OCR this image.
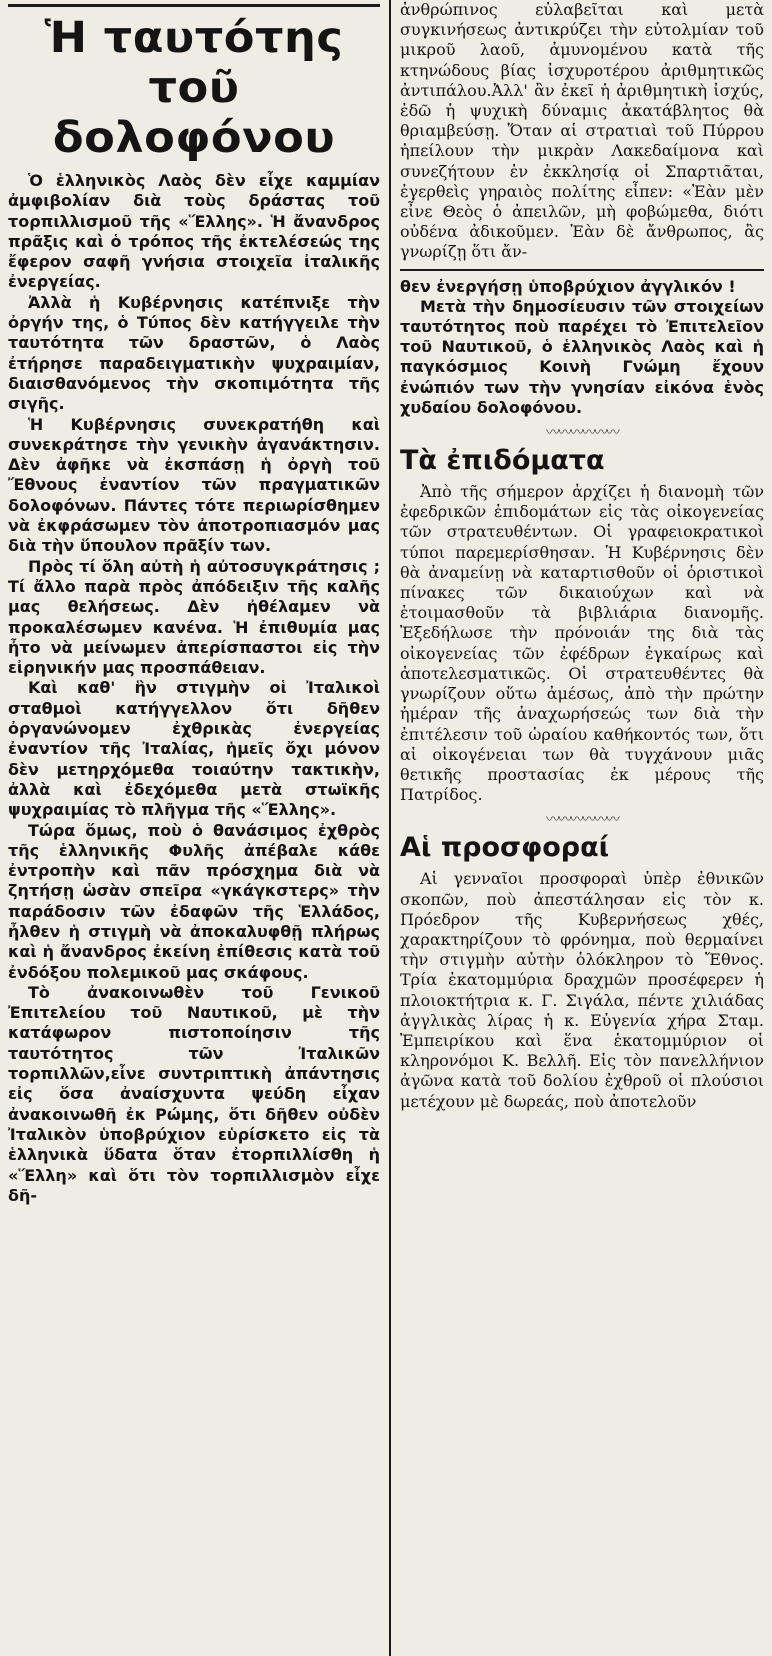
Ἡ ταυτότης τοῦ δολοφόνου

Ὁ ἑλληνικὸς Λαὸς δὲν εἶχε καμμίαν ἀμφιβολίαν διὰ τοὺς δράστας τοῦ τορπιλλισμοῦ τῆς «Ἕλλης». Ἡ ἄνανδρος πρᾶξις καὶ ὁ τρόπος τῆς ἐκτελέσεώς της ἔφερον σαφῆ γνήσια στοιχεῖα ἰταλικῆς ἐνεργείας.

Ἀλλὰ ἡ Κυβέρνησις κατέπνιξε τὴν ὀργήν της, ὁ Τύπος δὲν κατήγγειλε τὴν ταυτότητα τῶν δραστῶν, ὁ Λαὸς ἐτήρησε παραδειγματικὴν ψυχραιμίαν, διαισθανόμενος τὴν σκοπιμότητα τῆς σιγῆς.

Ἡ Κυβέρνησις συνεκρατήθη καὶ συνεκράτησε τὴν γενικὴν ἀγανάκτησιν. Δὲν ἀφῆκε νὰ ἐκσπάσῃ ἡ ὀργὴ τοῦ Ἔθνους ἐναντίον τῶν πραγματικῶν δολοφόνων. Πάντες τότε περιωρίσθημεν νὰ ἐκφράσωμεν τὸν ἀποτροπιασμόν μας διὰ τὴν ὕπουλον πρᾶξίν των.

Πρὸς τί ὅλη αὐτὴ ἡ αὐτοσυγκράτησις ; Τί ἄλλο παρὰ πρὸς ἀπόδειξιν τῆς καλῆς μας θελήσεως. Δὲν ἠθέλαμεν νὰ προκαλέσωμεν κανένα. Ἡ ἐπιθυμία μας ἦτο νὰ μείνωμεν ἀπερίσπαστοι εἰς τὴν εἰρηνικήν μας προσπάθειαν.

Καὶ καθ' ἣν στιγμὴν οἱ Ἰταλικοὶ σταθμοὶ κατήγγελλον ὅτι δῆθεν ὀργανώνομεν ἐχθρικὰς ἐνεργείας ἐναντίον τῆς Ἰταλίας, ἡμεῖς ὄχι μόνον δὲν μετηρχόμεθα τοιαύτην τακτικὴν, ἀλλὰ καὶ ἐδεχόμεθα μετὰ στωϊκῆς ψυχραιμίας τὸ πλῆγμα τῆς «Ἕλλης».

Τώρα ὅμως, ποὺ ὁ θανάσιμος ἐχθρὸς τῆς ἑλληνικῆς Φυλῆς ἀπέβαλε κάθε ἐντροπὴν καὶ πᾶν πρόσχημα διὰ νὰ ζητήσῃ ὡσὰν σπεῖρα «γκάγκστερς» τὴν παράδοσιν τῶν ἐδαφῶν τῆς Ἑλλάδος, ἦλθεν ἡ στιγμὴ νὰ ἀποκαλυφθῇ πλήρως καὶ ἡ ἄνανδρος ἐκείνη ἐπίθεσις κατὰ τοῦ ἐνδόξου πολεμικοῦ μας σκάφους.

Τὸ ἀνακοινωθὲν τοῦ Γενικοῦ Ἐπιτελείου τοῦ Ναυτικοῦ, μὲ τὴν κατάφωρον πιστοποίησιν τῆς ταυτότητος τῶν Ἰταλικῶν τορπιλλῶν,εἶνε συντριπτικὴ ἀπάντησις εἰς ὅσα ἀναίσχυντα ψεύδη εἶχαν ἀνακοινωθῆ ἐκ Ρώμης, ὅτι δῆθεν οὐδὲν Ἰταλικὸν ὑποβρύχιον εὑρίσκετο εἰς τὰ ἑλληνικὰ ὕδατα ὅταν ἐτορπιλλίσθη ἡ «Ἕλλη» καὶ ὅτι τὸν τορπιλλισμὸν εἶχε δῆ-

ἀνθρώπινος εὐλαβεῖται καὶ μετὰ συγκινήσεως ἀντικρύζει τὴν εὐτολμίαν τοῦ μικροῦ λαοῦ, ἀμυνομένου κατὰ τῆς κτηνώδους βίας ἰσχυροτέρου ἀριθμητικῶς ἀντιπάλου.Ἀλλ' ἂν ἐκεῖ ἡ ἀριθμητικὴ ἰσχύς, ἐδῶ ἡ ψυχικὴ δύναμις ἀκατάβλητος θὰ θριαμβεύσῃ. Ὅταν αἱ στρατιαὶ τοῦ Πύρρου ἠπείλουν τὴν μικρὰν Λακεδαίμονα καὶ συνεζήτουν ἐν ἐκκλησίᾳ οἱ Σπαρτιᾶται, ἐγερθεὶς γηραιὸς πολίτης εἶπεν: «Ἐὰν μὲν εἶνε Θεὸς ὁ ἀπειλῶν, μὴ φοβώμεθα, διότι οὐδένα ἀδικοῦμεν. Ἐὰν δὲ ἄνθρωπος, ἂς γνωρίζῃ ὅτι ἄν-

θεν ἐνεργήσῃ ὑποβρύχιον ἀγγλικόν !

Μετὰ τὴν δημοσίευσιν τῶν στοιχείων ταυτότητος ποὺ παρέχει τὸ Ἐπιτελεῖον τοῦ Ναυτικοῦ, ὁ ἑλληνικὸς Λαὸς καὶ ἡ παγκόσμιος Κοινὴ Γνώμη ἔχουν ἐνώπιόν των τὴν γνησίαν εἰκόνα ἑνὸς χυδαίου δολοφόνου.

〰〰〰〰〰〰
Τὰ ἐπιδόματα

Ἀπὸ τῆς σήμερον ἀρχίζει ἡ διανομὴ τῶν ἐφεδρικῶν ἐπιδομάτων εἰς τὰς οἰκογενείας τῶν στρατευθέντων. Οἱ γραφειοκρατικοὶ τύποι παρεμερίσθησαν. Ἡ Κυβέρνησις δὲν θὰ ἀναμείνῃ νὰ καταρτισθοῦν οἱ ὁριστικοὶ πίνακες τῶν δικαιούχων καὶ νὰ ἑτοιμασθοῦν τὰ βιβλιάρια διανομῆς. Ἐξεδήλωσε τὴν πρόνοιάν της διὰ τὰς οἰκογενείας τῶν ἐφέδρων ἐγκαίρως καὶ ἀποτελεσματικῶς. Οἱ στρατευθέντες θὰ γνωρίζουν οὕτω ἀμέσως, ἀπὸ τὴν πρώτην ἡμέραν τῆς ἀναχωρήσεώς των διὰ τὴν ἐπιτέλεσιν τοῦ ὡραίου καθήκοντός των, ὅτι αἱ οἰκογένειαι των θὰ τυγχάνουν μιᾶς θετικῆς προστασίας ἐκ μέρους τῆς Πατρίδος.

〰〰〰〰〰〰
Αἱ προσφοραί

Αἱ γενναῖοι προσφοραὶ ὑπὲρ ἐθνικῶν σκοπῶν, ποὺ ἀπεστάλησαν εἰς τὸν κ. Πρόεδρον τῆς Κυβερνήσεως χθές, χαρακτηρίζουν τὸ φρόνημα, ποὺ θερμαίνει τὴν στιγμὴν αὐτὴν ὁλόκληρον τὸ Ἔθνος. Τρία ἑκατομμύρια δραχμῶν προσέφερεν ἡ πλοιοκτήτρια κ. Γ. Σιγάλα, πέντε χιλιάδας ἀγγλικὰς λίρας ἡ κ. Εὐγενία χήρα Σταμ. Ἐμπειρίκου καὶ ἕνα ἑκατομμύριον οἱ κληρονόμοι Κ. Βελλῆ. Εἰς τὸν πανελλήνιον ἀγῶνα κατὰ τοῦ δολίου ἐχθροῦ οἱ πλούσιοι μετέχουν μὲ δωρεάς, ποὺ ἀποτελοῦν
